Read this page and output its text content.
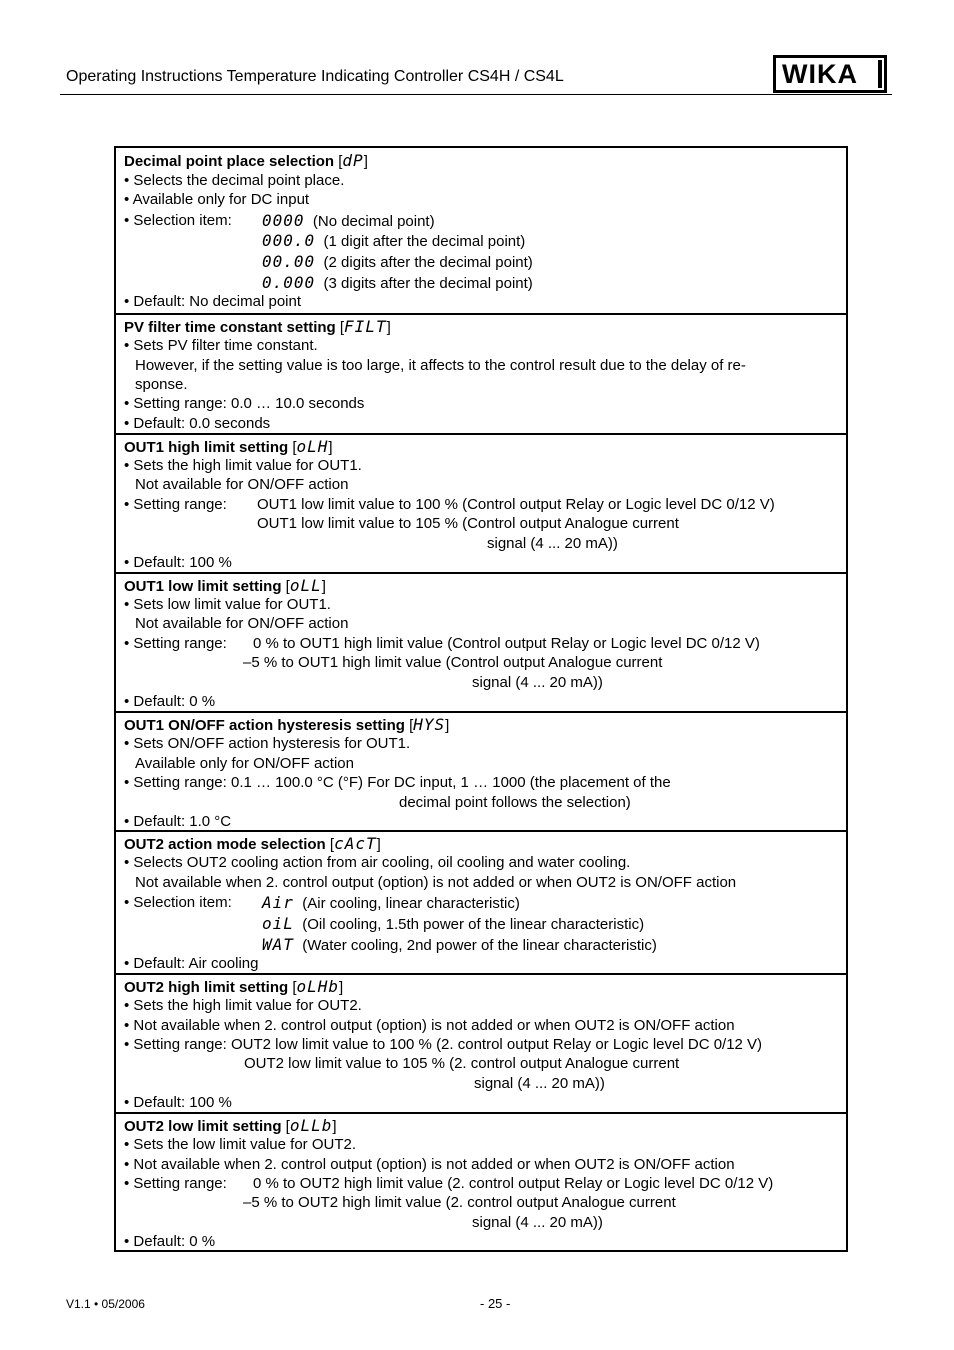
Operating Instructions Temperature Indicating Controller CS4H / CS4L	WIKA
Decimal point place selection [dP]
• Selects the decimal point place.
• Available only for DC input
• Selection item: 0000 (No decimal point)
000.0 (1 digit after the decimal point)
00.00 (2 digits after the decimal point)
0.000 (3 digits after the decimal point)
• Default: No decimal point
PV filter time constant setting [FILT]
• Sets PV filter time constant.
However, if the setting value is too large, it affects to the control result due to the delay of re-
sponse.
• Setting range: 0.0 … 10.0 seconds
• Default: 0.0 seconds
OUT1 high limit setting [oLH]
• Sets the high limit value for OUT1.
Not available for ON/OFF action
• Setting range: OUT1 low limit value to 100 % (Control output Relay or Logic level DC 0/12 V)
OUT1 low limit value to 105 % (Control output Analogue current
signal (4 ... 20 mA))
• Default: 100 %
OUT1 low limit setting [oLL]
• Sets low limit value for OUT1.
Not available for ON/OFF action
• Setting range: 0 % to OUT1 high limit value (Control output Relay or Logic level DC 0/12 V)
–5 % to OUT1 high limit value (Control output Analogue current
signal (4 ... 20 mA))
• Default: 0 %
OUT1 ON/OFF action hysteresis setting [HYS]
• Sets ON/OFF action hysteresis for OUT1.
Available only for ON/OFF action
• Setting range: 0.1 … 100.0 °C (°F) For DC input, 1 … 1000 (the placement of the
decimal point follows the selection)
• Default: 1.0 °C
OUT2 action mode selection [cAcT]
• Selects OUT2 cooling action from air cooling, oil cooling and water cooling.
Not available when 2. control output (option) is not added or when OUT2 is ON/OFF action
• Selection item: Air (Air cooling, linear characteristic)
oiL (Oil cooling, 1.5th power of the linear characteristic)
WAT (Water cooling, 2nd power of the linear characteristic)
• Default: Air cooling
OUT2 high limit setting [oLHb]
• Sets the high limit value for OUT2.
• Not available when 2. control output (option) is not added or when OUT2 is ON/OFF action
• Setting range: OUT2 low limit value to 100 % (2. control output Relay or Logic level DC 0/12 V)
OUT2 low limit value to 105 % (2. control output Analogue current
signal (4 ... 20 mA))
• Default: 100 %
OUT2 low limit setting [oLLb]
• Sets the low limit value for OUT2.
• Not available when 2. control output (option) is not added or when OUT2 is ON/OFF action
• Setting range: 0 % to OUT2 high limit value (2. control output Relay or Logic level DC 0/12 V)
–5 % to OUT2 high limit value (2. control output Analogue current
signal (4 ... 20 mA))
• Default: 0 %
V1.1 • 05/2006	- 25 -
